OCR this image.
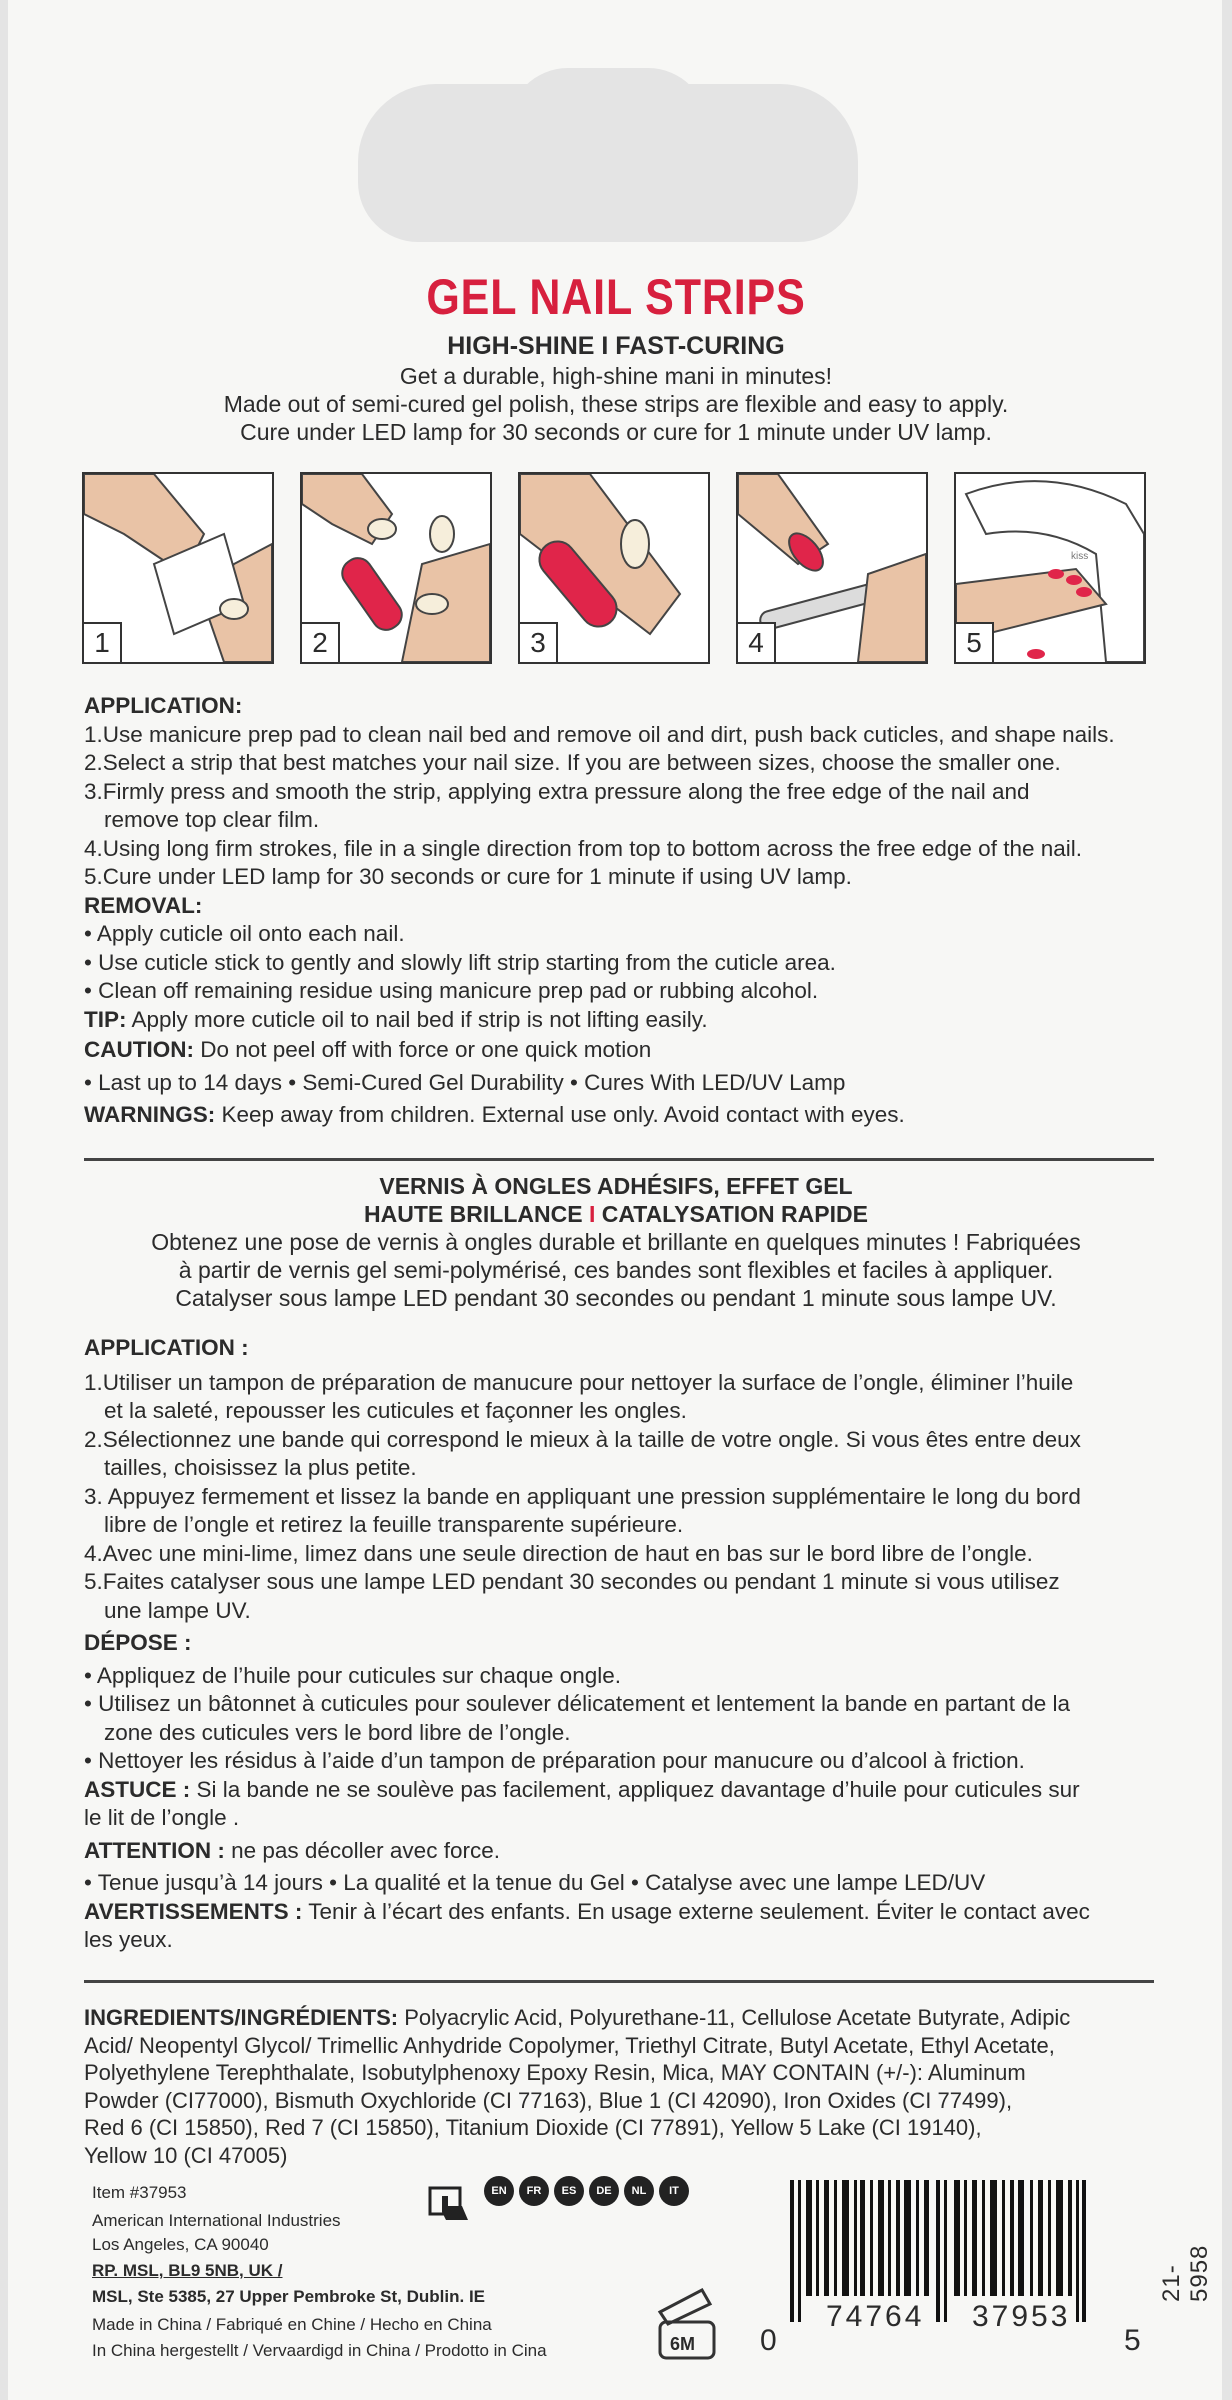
GEL NAIL STRIPS
HIGH-SHINE I FAST-CURING
Get a durable, high-shine mani in minutes!
Made out of semi-cured gel polish, these strips are flexible and easy to apply.
Cure under LED lamp for 30 seconds or cure for 1 minute under UV lamp.
1	2	3	4
kiss
5

APPLICATION:

1.Use manicure prep pad to clean nail bed and remove oil and dirt, push back cuticles, and shape nails.

2.Select a strip that best matches your nail size. If you are between sizes, choose the smaller one.

3.Firmly press and smooth the strip, applying extra pressure along the free edge of the nail and

remove top clear film.

4.Using long firm strokes, file in a single direction from top to bottom across the free edge of the nail.

5.Cure under LED lamp for 30 seconds or cure for 1 minute if using UV lamp.

REMOVAL:

• Apply cuticle oil onto each nail.

• Use cuticle stick to gently and slowly lift strip starting from the cuticle area.

• Clean off remaining residue using manicure prep pad or rubbing alcohol.

TIP: Apply more cuticle oil to nail bed if strip is not lifting easily.

CAUTION: Do not peel off with force or one quick motion

• Last up to 14 days • Semi-Cured Gel Durability • Cures With LED/UV Lamp

WARNINGS: Keep away from children. External use only. Avoid contact with eyes.

VERNIS À ONGLES ADHÉSIFS, EFFET GEL
HAUTE BRILLANCE I CATALYSATION RAPIDE
Obtenez une pose de vernis à ongles durable et brillante en quelques minutes ! Fabriquées
à partir de vernis gel semi-polymérisé, ces bandes sont flexibles et faciles à appliquer.
Catalyser sous lampe LED pendant 30 secondes ou pendant 1 minute sous lampe UV.

APPLICATION :

1.Utiliser un tampon de préparation de manucure pour nettoyer la surface de l’ongle, éliminer l’huile

et la saleté, repousser les cuticules et façonner les ongles.

2.Sélectionnez une bande qui correspond le mieux à la taille de votre ongle. Si vous êtes entre deux

tailles, choisissez la plus petite.

3. Appuyez fermement et lissez la bande en appliquant une pression supplémentaire le long du bord

libre de l’ongle et retirez la feuille transparente supérieure.

4.Avec une mini-lime, limez dans une seule direction de haut en bas sur le bord libre de l’ongle.

5.Faites catalyser sous une lampe LED pendant 30 secondes ou pendant 1 minute si vous utilisez

une lampe UV.

DÉPOSE :

• Appliquez de l’huile pour cuticules sur chaque ongle.

• Utilisez un bâtonnet à cuticules pour soulever délicatement et lentement la bande en partant de la

zone des cuticules vers le bord libre de l’ongle.

• Nettoyer les résidus à l’aide d’un tampon de préparation pour manucure ou d’alcool à friction.

ASTUCE : Si la bande ne se soulève pas facilement, appliquez davantage d’huile pour cuticules sur

le lit de l’ongle .

ATTENTION : ne pas décoller avec force.

• Tenue jusqu’à 14 jours • La qualité et la tenue du Gel • Catalyse avec une lampe LED/UV

AVERTISSEMENTS : Tenir à l’écart des enfants. En usage externe seulement. Éviter le contact avec

les yeux.

INGREDIENTS/INGRÉDIENTS: Polyacrylic Acid, Polyurethane-11, Cellulose Acetate Butyrate, Adipic

Acid/ Neopentyl Glycol/ Trimellic Anhydride Copolymer, Triethyl Citrate, Butyl Acetate, Ethyl Acetate,

Polyethylene Terephthalate, Isobutylphenoxy Epoxy Resin, Mica, MAY CONTAIN (+/-): Aluminum

Powder (CI77000), Bismuth Oxychloride (CI 77163), Blue 1 (CI 42090), Iron Oxides (CI 77499),

Red 6 (CI 15850), Red 7 (CI 15850), Titanium Dioxide (CI 77891), Yellow 5 Lake (CI 19140),

Yellow 10 (CI 47005)

Item #37953
American International Industries
Los Angeles, CA 90040
RP. MSL, BL9 5NB, UK /
MSL, Ste 5385, 27 Upper Pembroke St, Dublin. IE
Made in China / Fabriqué en Chine / Hecho en China
In China hergestellt / Vervaardigd in China / Prodotto in Cina
EN FR ES DE NL IT
6M 0
74764 37953
5
21-5958
